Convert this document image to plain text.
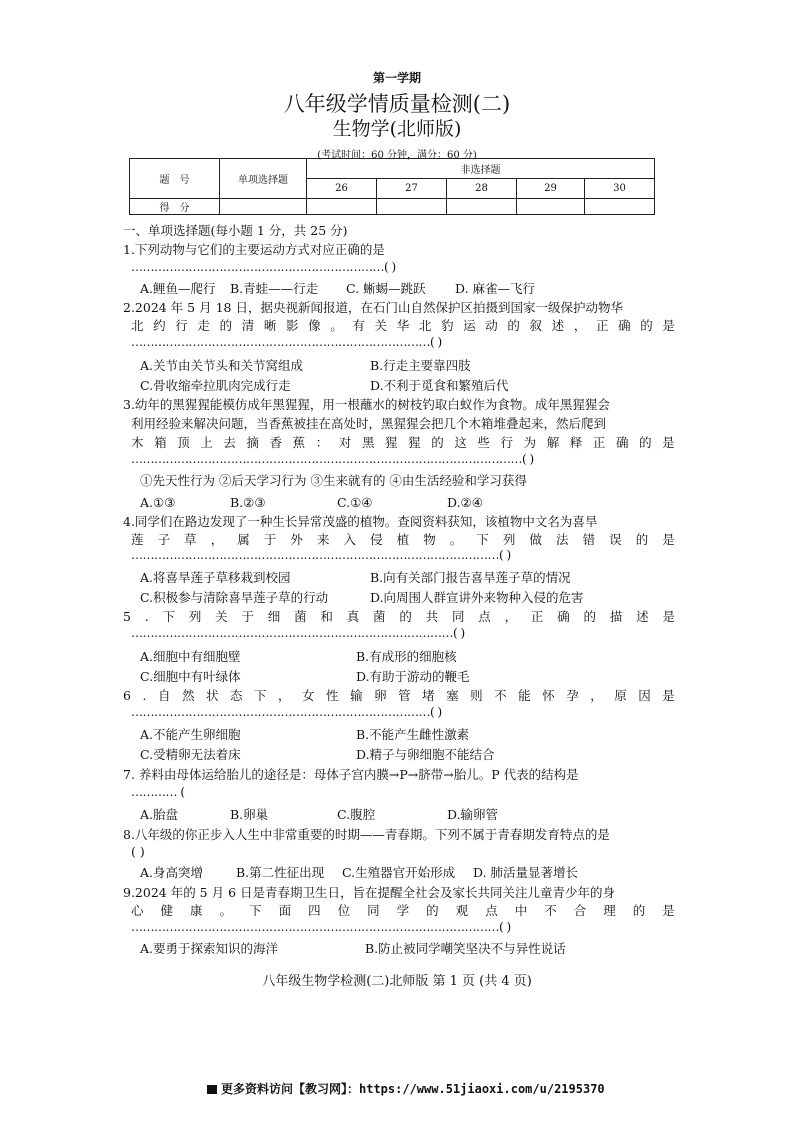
第一学期
八年级学情质量检测(二)
生物学(北师版)
(考试时间：60 分钟，满分：60 分)
题　号	单项选择题	非选择题				
		26	27	28	29	30
得　分						
一、单项选择题(每小题 1 分，共 25 分)
1.下列动物与它们的主要运动方式对应正确的是
…………………………………………………………( )
A.鲤鱼—爬行 B.青蛙——行走 C. 蜥蜴—跳跃 D. 麻雀—飞行
2.2024 年 5 月 18 日，据央视新闻报道，在石门山自然保护区拍摄到国家一级保护动物华
北 约 行 走 的 清 晰 影 像 。 有 关 华 北 豹 运 动 的 叙 述 ， 正 确 的 是
……………………………………………………………………( )
A.关节由关节头和关节窝组成	B.行走主要靠四肢
C.骨收缩牵拉肌肉完成行走	D.不利于觅食和繁殖后代
3.幼年的黑猩猩能模仿成年黑猩猩，用一根蘸水的树枝钓取白蚁作为食物。成年黑猩猩会
利用经验来解决问题，当香蕉被挂在高处时，黑猩猩会把几个木箱堆叠起来，然后爬到
木 箱 顶 上 去 摘 香 蕉 ： 对 黑 猩 猩 的 这 些 行 为 解 释 正 确 的 是
…………………………………………………………………………………………( )
①先天性行为 ②后天学习行为 ③生来就有的 ④由生活经验和学习获得
A.①③	B.②③	C.①④	D.②④
4.同学们在路边发现了一种生长异常茂盛的植物。查阅资料获知，该植物中文名为喜旱
莲 子 草 ， 属 于 外 来 入 侵 植 物 。 下 列 做 法 错 误 的 是
……………………………………………………………………………………( )
A.将喜旱莲子草移栽到校园	B.向有关部门报告喜旱莲子草的情况
C.积极参与清除喜旱莲子草的行动	D.向周围人群宣讲外来物种入侵的危害
5 . 下 列 关 于 细 菌 和 真 菌 的 共 同 点 ， 正 确 的 描 述 是
…………………………………………………………………………( )
A.细胞中有细胞壁	B.有成形的细胞核
C.细胞中有叶绿体	D.有助于游动的鞭毛
6 . 自 然 状 态 下 ， 女 性 输 卵 管 堵 塞 则 不 能 怀 孕 ， 原 因 是
……………………………………………………………………( )
A.不能产生卵细胞	B.不能产生雌性激素
C.受精卵无法着床	D.精子与卵细胞不能结合
7. 养料由母体运给胎儿的途径是：母体子宫内膜→P→脐带→胎儿。P 代表的结构是
………… (
A.胎盘	B.卵巢	C.腹腔	D.输卵管
8.八年级的你正步入人生中非常重要的时期——青春期。下列不属于青春期发育特点的是
( )
A.身高突增	B.第二性征出现 C.生殖器官开始形成 D. 肺活量显著增长
9.2024 年的 5 月 6 日是青春期卫生日，旨在提醒全社会及家长共同关注儿童青少年的身
心 健 康 。 下 面 四 位 同 学 的 观 点 中 不 合 理 的 是
……………………………………………………………………………………( )
A.要勇于探索知识的海洋	B.防止被同学嘲笑坚决不与异性说话
八年级生物学检测(二)北师版 第 1 页 (共 4 页)
更多资料访问【教习网】：https://www.51jiaoxi.com/u/2195370
